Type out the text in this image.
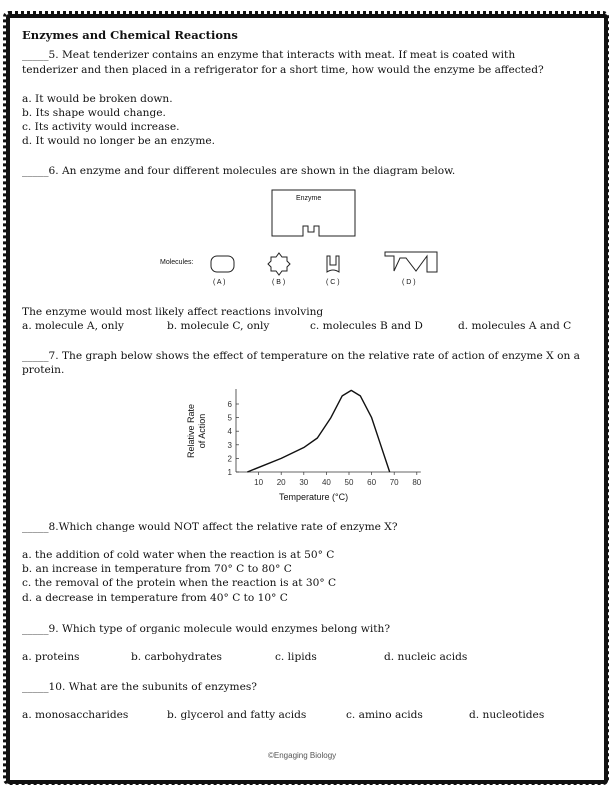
Enzymes and Chemical Reactions
_____5. Meat tenderizer contains an enzyme that interacts with meat. If meat is coated with
tenderizer and then placed in a refrigerator for a short time, how would the enzyme be affected?
a. It would be broken down.
b. Its shape would change.
c. Its activity would increase.
d. It would no longer be an enzyme.
_____6. An enzyme and four different molecules are shown in the diagram below.
Enzyme
Molecules:
( A )	( B )	( C )	( D )
The enzyme would most likely affect reactions involving
a. molecule A, only	b. molecule C, only	c. molecules B and D	d. molecules A and C
_____7. The graph below shows the effect of temperature on the relative rate of action of enzyme X on a
protein.
10 20 30 40 50 60 70 80
1
2
3
4
5
6
Temperature (°C)
Relative Rate of Action
_____8.Which change would NOT affect the relative rate of enzyme X?
a. the addition of cold water when the reaction is at 50° C
b. an increase in temperature from 70° C to 80° C
c. the removal of the protein when the reaction is at 30° C
d. a decrease in temperature from 40° C to 10° C
_____9. Which type of organic molecule would enzymes belong with?
a. proteins	b. carbohydrates	c. lipids	d. nucleic acids
_____10. What are the subunits of enzymes?
a. monosaccharides	b. glycerol and fatty acids	c. amino acids	d. nucleotides
©Engaging Biology
